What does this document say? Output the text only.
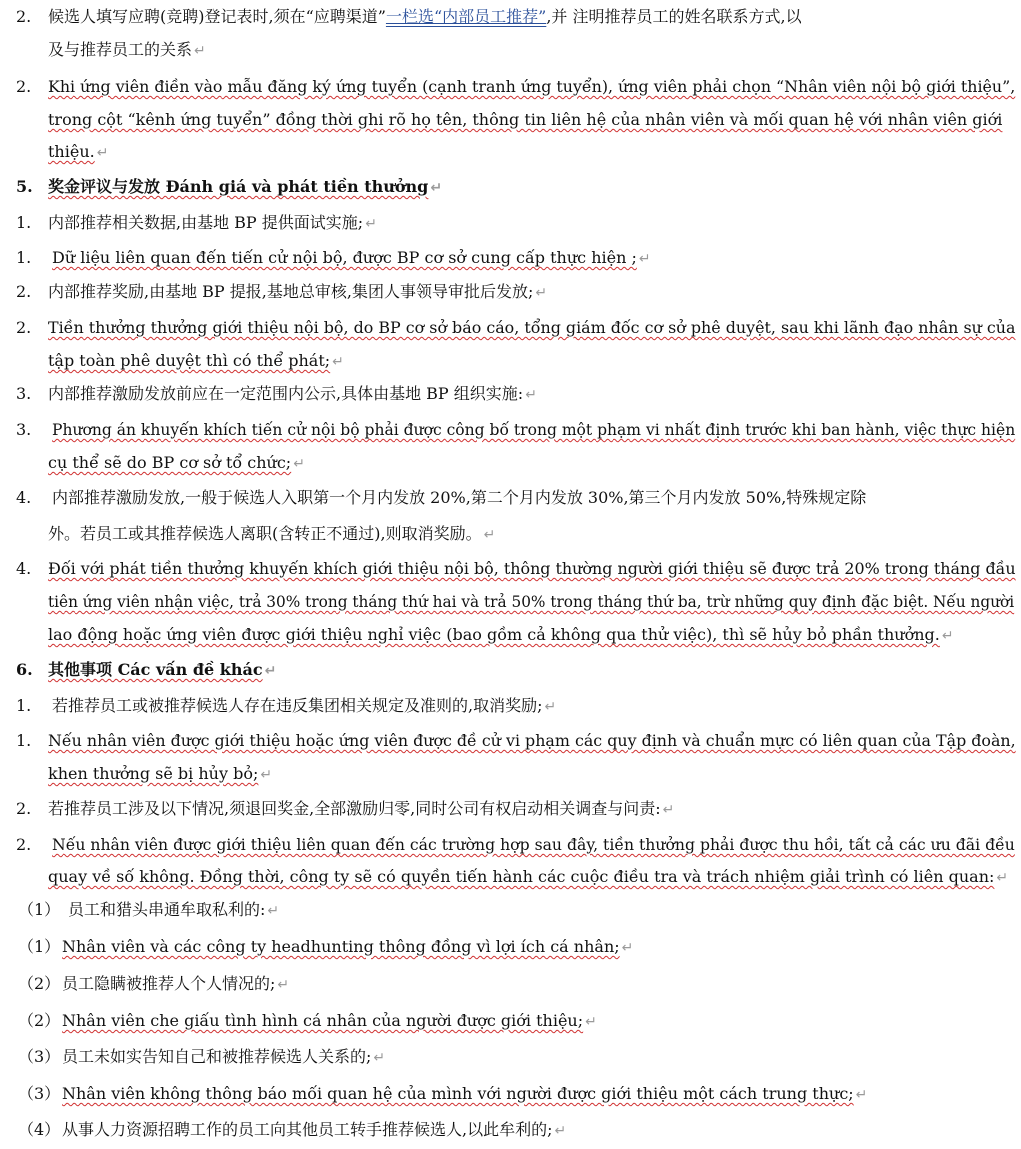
2. 候选人填写应聘(竞聘)登记表时,须在“应聘渠道”一栏选“内部员工推荐”,并 注明推荐员工的姓名联系方式,以
及与推荐员工的关系 ↵
2. Khi ứng viên điền vào mẫu đăng ký ứng tuyển (cạnh tranh ứng tuyển), ứng viên phải chọn “Nhân viên nội bộ giới thiệu”,
trong cột “kênh ứng tuyển” đồng thời ghi rõ họ tên, thông tin liên hệ của nhân viên và mối quan hệ với nhân viên giới
thiệu. ↵
5. 奖金评议与发放 Đánh giá và phát tiền thưởng ↵
1. 内部推荐相关数据,由基地 BP 提供面试实施; ↵
1. Dữ liệu liên quan đến tiến cử nội bộ, được BP cơ sở cung cấp thực hiện ; ↵
2. 内部推荐奖励,由基地 BP 提报,基地总审核,集团人事领导审批后发放; ↵
2. Tiền thưởng thưởng giới thiệu nội bộ, do BP cơ sở báo cáo, tổng giám đốc cơ sở phê duyệt, sau khi lãnh đạo nhân sự của
tập toàn phê duyệt thì có thể phát; ↵
3. 内部推荐激励发放前应在一定范围内公示,具体由基地 BP 组织实施: ↵
3. Phương án khuyến khích tiến cử nội bộ phải được công bố trong một phạm vi nhất định trước khi ban hành, việc thực hiện
cụ thể sẽ do BP cơ sở tổ chức; ↵
4. 内部推荐激励发放,一般于候选人入职第一个月内发放 20%,第二个月内发放 30%,第三个月内发放 50%,特殊规定除
外。若员工或其推荐候选人离职(含转正不通过),则取消奖励。 ↵
4. Đối với phát tiền thưởng khuyến khích giới thiệu nội bộ, thông thường người giới thiệu sẽ được trả 20% trong tháng đầu
tiên ứng viên nhận việc, trả 30% trong tháng thứ hai và trả 50% trong tháng thứ ba, trừ những quy định đặc biệt. Nếu người
lao động hoặc ứng viên được giới thiệu nghỉ việc (bao gồm cả không qua thử việc), thì sẽ hủy bỏ phần thưởng. ↵
6. 其他事项 Các vấn đề khác ↵
1. 若推荐员工或被推荐候选人存在违反集团相关规定及准则的,取消奖励; ↵
1. Nếu nhân viên được giới thiệu hoặc ứng viên được đề cử vi phạm các quy định và chuẩn mực có liên quan của Tập đoàn,
khen thưởng sẽ bị hủy bỏ; ↵
2. 若推荐员工涉及以下情况,须退回奖金,全部激励归零,同时公司有权启动相关调查与问责: ↵
2. Nếu nhân viên được giới thiệu liên quan đến các trường hợp sau đây, tiền thưởng phải được thu hồi, tất cả các ưu đãi đều
quay về số không. Đồng thời, công ty sẽ có quyền tiến hành các cuộc điều tra và trách nhiệm giải trình có liên quan: ↵
（1） 员工和猎头串通牟取私利的: ↵
（1） Nhân viên và các công ty headhunting thông đồng vì lợi ích cá nhân; ↵
（2） 员工隐瞒被推荐人个人情况的; ↵
（2） Nhân viên che giấu tình hình cá nhân của người được giới thiệu; ↵
（3） 员工未如实告知自己和被推荐候选人关系的; ↵
（3） Nhân viên không thông báo mối quan hệ của mình với người được giới thiệu một cách trung thực; ↵
（4） 从事人力资源招聘工作的员工向其他员工转手推荐候选人,以此牟利的; ↵
